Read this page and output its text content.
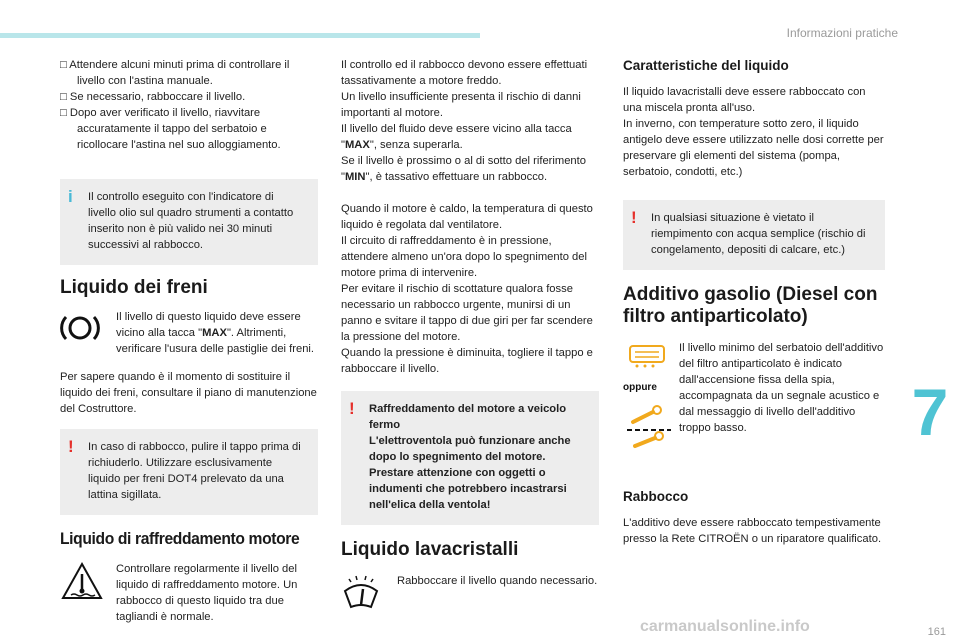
Informazioni pratiche

□ Attendere alcuni minuti prima di controllare il livello con l'astina manuale.

□ Se necessario, rabboccare il livello.

□ Dopo aver verificato il livello, riavvitare accuratamente il tappo del serbatoio e ricollocare l'astina nel suo alloggiamento.

i Il controllo eseguito con l'indicatore di livello olio sul quadro strumenti a contatto inserito non è più valido nei 30 minuti successivi al rabbocco.

Liquido dei freni

Il livello di questo liquido deve essere vicino alla tacca "MAX". Altrimenti, verificare l'usura delle pastiglie dei freni.

Per sapere quando è il momento di sostituire il liquido dei freni, consultare il piano di manutenzione del Costruttore.

! In caso di rabbocco, pulire il tappo prima di richiuderlo. Utilizzare esclusivamente liquido per freni DOT4 prelevato da una lattina sigillata.

Liquido di raffreddamento motore

Controllare regolarmente il livello del liquido di raffreddamento motore. Un rabbocco di questo liquido tra due tagliandi è normale.

Il controllo ed il rabbocco devono essere effettuati tassativamente a motore freddo.
Un livello insufficiente presenta il rischio di danni importanti al motore.
Il livello del fluido deve essere vicino alla tacca "MAX", senza superarla.
Se il livello è prossimo o al di sotto del riferimento "MIN", è tassativo effettuare un rabbocco.

Quando il motore è caldo, la temperatura di questo liquido è regolata dal ventilatore.

Il circuito di raffreddamento è in pressione, attendere almeno un'ora dopo lo spegnimento del motore prima di intervenire.

Per evitare il rischio di scottature qualora fosse necessario un rabbocco urgente, munirsi di un panno e svitare il tappo di due giri per far scendere la pressione del motore.

Quando la pressione è diminuita, togliere il tappo e rabboccare il livello.

! Raffreddamento del motore a veicolo fermo

L'elettroventola può funzionare anche dopo lo spegnimento del motore.

Prestare attenzione con oggetti o indumenti che potrebbero incastrarsi nell'elica della ventola!

Liquido lavacristalli

Rabboccare il livello quando necessario.

Caratteristiche del liquido

Il liquido lavacristalli deve essere rabboccato con una miscela pronta all'uso.

In inverno, con temperature sotto zero, il liquido antigelo deve essere utilizzato nelle dosi corrette per preservare gli elementi del sistema (pompa, serbatoio, condotti, etc.)

! In qualsiasi situazione è vietato il riempimento con acqua semplice (rischio di congelamento, depositi di calcare, etc.)

Additivo gasolio (Diesel con filtro antiparticolato)
oppure

Il livello minimo del serbatoio dell'additivo del filtro antiparticolato è indicato dall'accensione fissa della spia, accompagnata da un segnale acustico e dal messaggio di livello dell'additivo troppo basso.

Rabbocco

L'additivo deve essere rabboccato tempestivamente presso la Rete CITROËN o un riparatore qualificato.

7
carmanualsonline.info	161
